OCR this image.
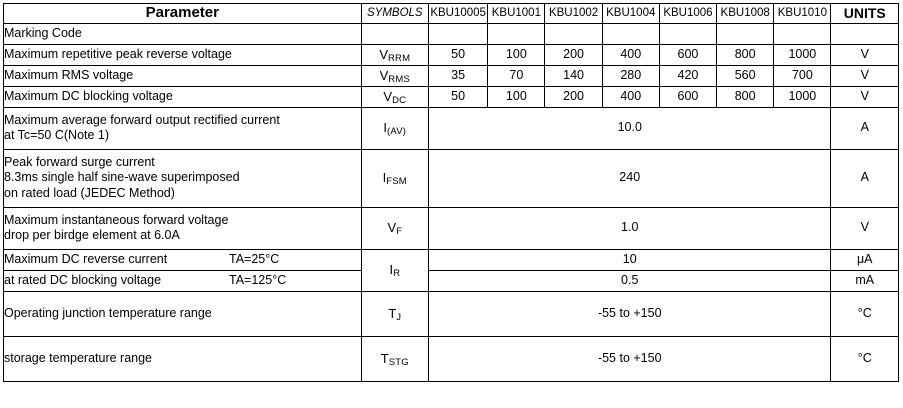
Parameter	SYMBOLS	KBU10005	KBU1001	KBU1002	KBU1004	KBU1006	KBU1008	KBU1010	UNITS
Marking Code									
Maximum repetitive peak reverse voltage	$V_{RRM}$	50	100	200	400	600	800	1000	V
Maximum RMS voltage	$V_{RMS}$	35	70	140	280	420	560	700	V
Maximum DC blocking voltage	$V_{DC}$	50	100	200	400	600	800	1000	V

Maximum average forward output rectified current
at Tc=50 C(Note 1)	$I_{(AV)}$	10.0							A

Peak forward surge current
8.3ms single half sine-wave superimposed
on rated load (JEDEC Method)	$I_{FSM}$	240							A

Maximum instantaneous forward voltage
drop per birdge element at 6.0A	$V_F$	1.0							V

Maximum DC reverse current TA=25°C	$I_R$	10							μA

at rated DC blocking voltage TA=125°C		0.5							mA
Operating junction temperature range	$T_J$	-55 to +150							°C
storage temperature range	$T_{STG}$	-55 to +150							°C
